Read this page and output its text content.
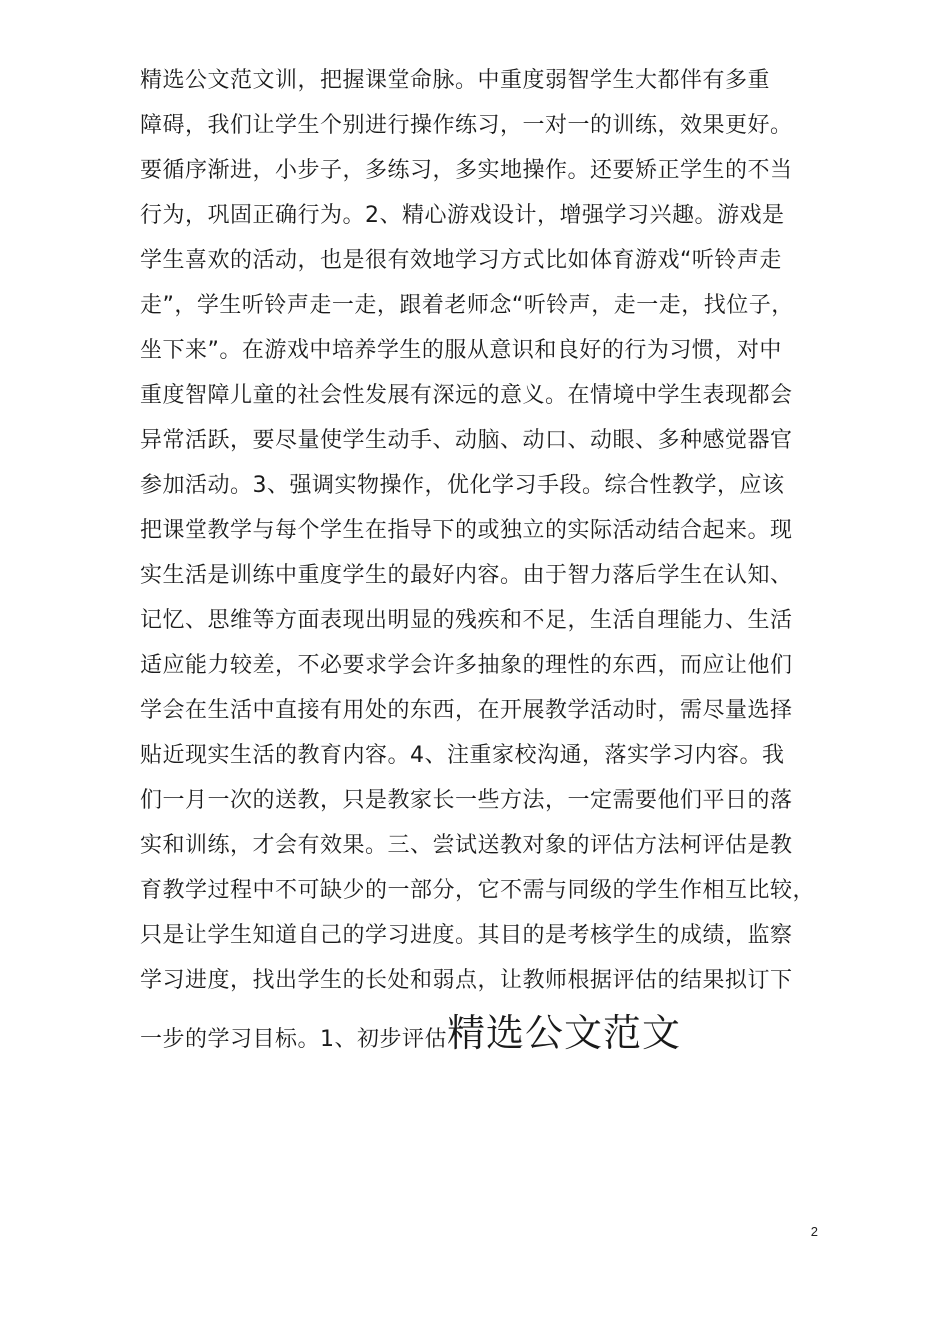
精选公文范文训，把握课堂命脉。中重度弱智学生大都伴有多重
障碍，我们让学生个别进行操作练习，一对一的训练，效果更好。
要循序渐进，小步子，多练习，多实地操作。还要矫正学生的不当
行为，巩固正确行为。2、精心游戏设计，增强学习兴趣。游戏是
学生喜欢的活动，也是很有效地学习方式比如体育游戏“听铃声走
走”，学生听铃声走一走，跟着老师念“听铃声，走一走，找位子，
坐下来”。在游戏中培养学生的服从意识和良好的行为习惯，对中
重度智障儿童的社会性发展有深远的意义。在情境中学生表现都会
异常活跃，要尽量使学生动手、动脑、动口、动眼、多种感觉器官
参加活动。3、强调实物操作，优化学习手段。综合性教学，应该
把课堂教学与每个学生在指导下的或独立的实际活动结合起来。现
实生活是训练中重度学生的最好内容。由于智力落后学生在认知、
记忆、思维等方面表现出明显的残疾和不足，生活自理能力、生活
适应能力较差，不必要求学会许多抽象的理性的东西，而应让他们
学会在生活中直接有用处的东西，在开展教学活动时，需尽量选择
贴近现实生活的教育内容。4、注重家校沟通，落实学习内容。我
们一月一次的送教，只是教家长一些方法，一定需要他们平日的落
实和训练，才会有效果。三、尝试送教对象的评估方法柯评估是教
育教学过程中不可缺少的一部分，它不需与同级的学生作相互比较，
只是让学生知道自己的学习进度。其目的是考核学生的成绩，监察
学习进度，找出学生的长处和弱点，让教师根据评估的结果拟订下
一步的学习目标。1、初步评估精选公文范文
2
